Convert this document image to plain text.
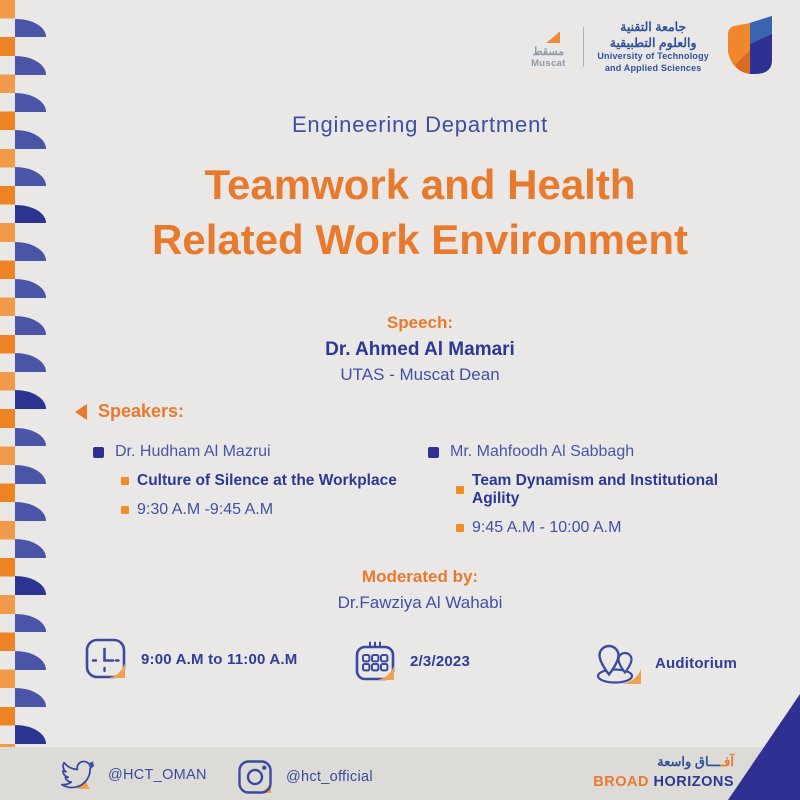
مسقط
Muscat
جامعة التقنية
والعلوم التطبيقية
University of Technology
and Applied Sciences
Engineering Department
Teamwork and Health
Related Work Environment
Speech:
Dr. Ahmed Al Mamari
UTAS - Muscat Dean
Speakers:
Dr. Hudham Al Mazrui
Culture of Silence at the Workplace
9:30 A.M -9:45 A.M
Mr. Mahfoodh Al Sabbagh
Team Dynamism and Institutional Agility
9:45 A.M - 10:00 A.M
Moderated by:
Dr.Fawziya Al Wahabi
9:00 A.M to 11:00 A.M	2/3/2023	Auditorium
@HCT_OMAN	@hct_official
آفــــاق واسعة
BROAD HORIZONS
